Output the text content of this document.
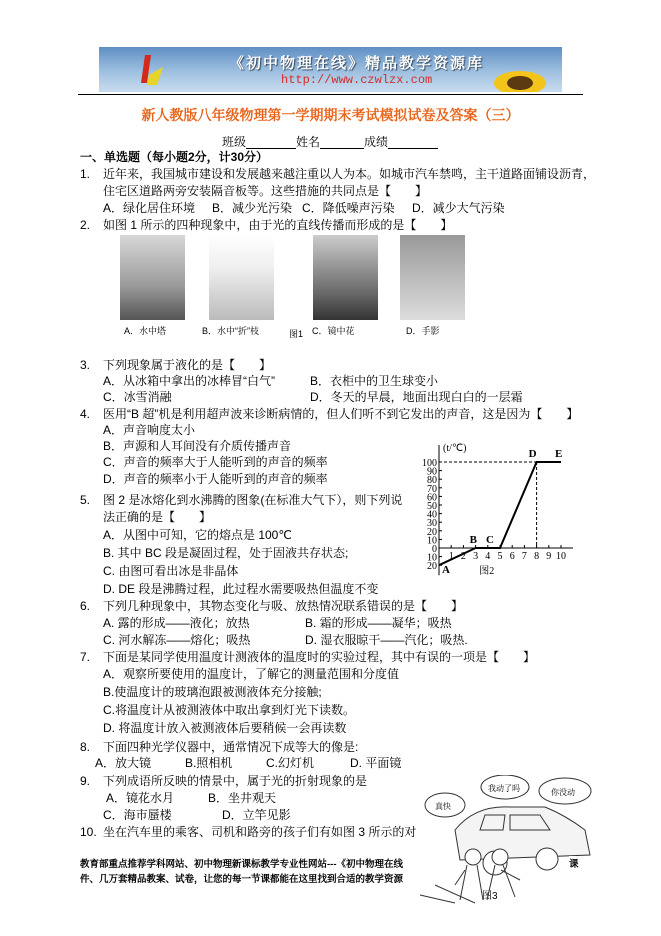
《初中物理在线》精品教学资源库
http://www.czwlzx.com
新人教版八年级物理第一学期期末考试模拟试卷及答案（三）
班级	姓名	成绩
一、单选题（每小题2分，计30分）
1. 近年来，我国城市建设和发展越来越注重以人为本。如城市汽车禁鸣，主干道路面铺设沥青，
住宅区道路两旁安装隔音板等。这些措施的共同点是【　　】
A．绿化居住环境 B．减少光污染 C．降低噪声污染 D．减少大气污染
2. 如图 1 所示的四种现象中，由于光的直线传播而形成的是【　　】
A．水中塔	B．水中“折”枝	图1 C．镜中花	D．手影
3. 下列现象属于液化的是【　　】
A．从冰箱中拿出的冰棒冒“白气”	B．衣柜中的卫生球变小
C．冰雪消融	D．冬天的早晨，地面出现白白的一层霜
4. 医用“B 超”机是利用超声波来诊断病情的，但人们听不到它发出的声音，这是因为【　　】
A．声音响度太小
B．声源和人耳间没有介质传播声音
C．声音的频率大于人能听到的声音的频率
D．声音的频率小于人能听到的声音的频率
5. 图 2 是冰熔化到水沸腾的图象(在标准大气下），则下列说
法正确的是【　　】
A．从图中可知，它的熔点是 100℃
B. 其中 BC 段是凝固过程，处于固液共存状态;
C. 由图可看出冰是非晶体
D. DE 段是沸腾过程，此过程水需要吸热但温度不变
(t/℃)
20
10
0
10
20
30
40
50
60
70
80
90
100
1 2 3 4 5 6 7 8 9 10
A
B C
D E
图2
6. 下列几种现象中，其物态变化与吸、放热情况联系错误的是【　　】
A. 露的形成——液化；放热	B. 霜的形成——凝华；吸热
C. 河水解冻——熔化；吸热	D. 湿衣服晾干——汽化；吸热.
7. 下面是某同学使用温度计测液体的温度时的实验过程，其中有误的一项是【　　】
A．观察所要使用的温度计，了解它的测量范围和分度值
B.使温度计的玻璃泡跟被测液体充分接触;
C.将温度计从被测液体中取出拿到灯光下读数。
D. 将温度计放入被测液体后要稍候一会再读数
8. 下面四种光学仪器中，通常情况下成等大的像是:
A．放大镜	B.照相机	C.幻灯机	D. 平面镜
9. 下列成语所反映的情景中，属于光的折射现象的是
A．镜花水月	B．坐井观天
C．海市蜃楼	D．立竿见影
10. 坐在汽车里的乘客、司机和路旁的孩子们有如图 3 所示的对
真快
我动了吗	你没动
教育部重点推荐学科网站、初中物理新课标教学专业性网站---《初中物理在线	课
件、几万套精品教案、试卷，让您的每一节课都能在这里找到合适的教学资源
图3
